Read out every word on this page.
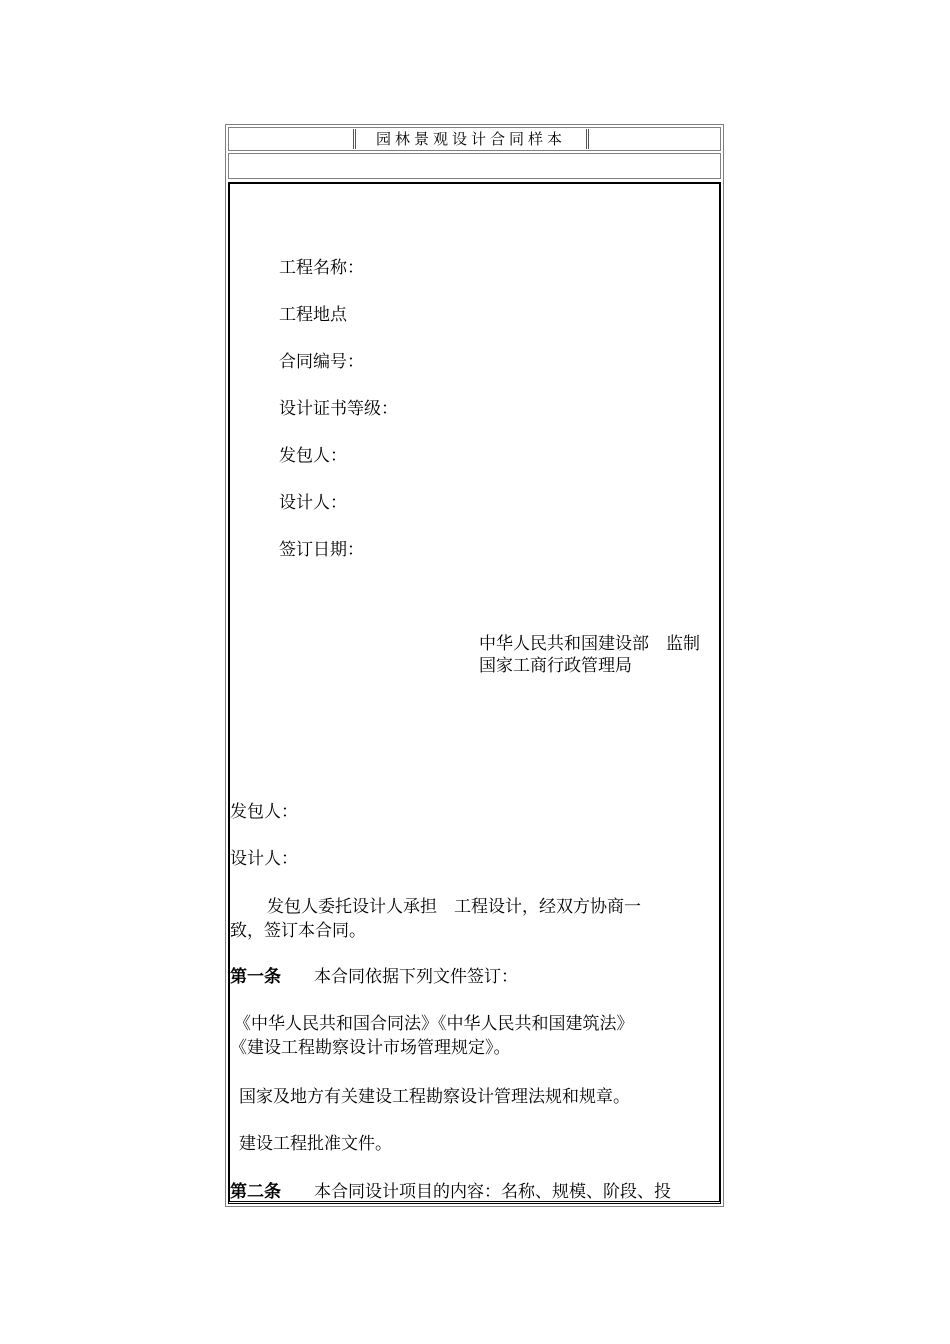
园林景观设计合同样本
工程名称：
工程地点
合同编号：
设计证书等级：
发包人：
设计人：
签订日期：
中华人民共和国建设部　监制
国家工商行政管理局
发包人：
设计人：
发包人委托设计人承担　工程设计，经双方协商一
致，签订本合同。
第一条 本合同依据下列文件签订：
《中华人民共和国合同法》《中华人民共和国建筑法》
《建设工程勘察设计市场管理规定》。
国家及地方有关建设工程勘察设计管理法规和规章。
建设工程批准文件。
第二条 本合同设计项目的内容：名称、规模、阶段、投
